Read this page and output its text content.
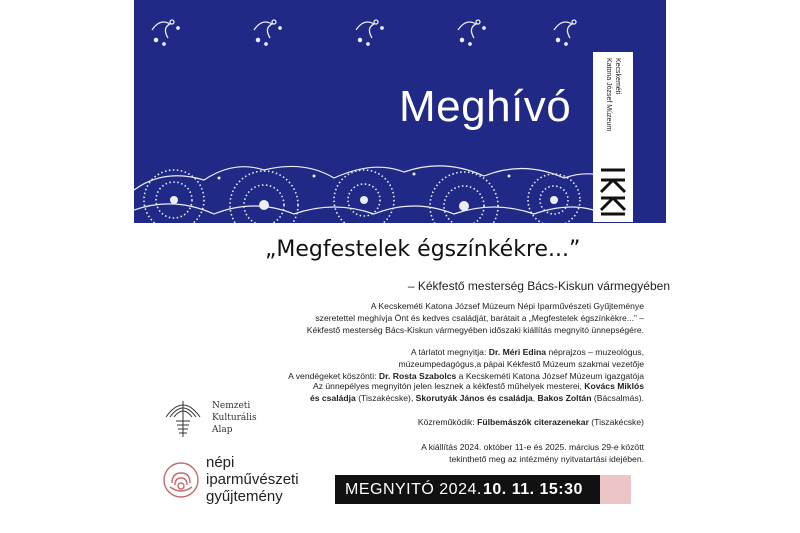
Meghívó
Kecskeméti
Katona József Múzeum
„Megfestelek égszínkékre...”
– Kékfestő mesterség Bács-Kiskun vármegyében
A Kecskeméti Katona József Múzeum Népi Iparművészeti Gyűjteménye
szeretettel meghívja Önt és kedves családját, barátait a „Megfestelek égszínkékre...” –
Kékfestő mesterség Bács-Kiskun vármegyében időszaki kiállítás megnyitó ünnepségére.
A tárlatot megnyitja: Dr. Méri Edina néprajzos – muzeológus,
múzeumpedagógus,a pápai Kékfestő Múzeum szakmai vezetője
A vendégeket köszönti: Dr. Rosta Szabolcs a Kecskeméti Katona József Múzeum igazgatója
Az ünnepélyes megnyitón jelen lesznek a kékfestő műhelyek mesterei, Kovács Miklós
és családja (Tiszakécske), Skorutyák János és családja, Bakos Zoltán (Bácsalmás).
Közreműködik: Fülbemászók citerazenekar (Tiszakécske)
A kiállítás 2024. október 11-e és 2025. március 29-e között
tekinthető meg az intézmény nyitvatartási idejében.
Nemzeti
Kulturális
Alap
népi
iparművészeti
gyűjtemény	MEGNYITÓ 2024. 10. 11. 15:30
